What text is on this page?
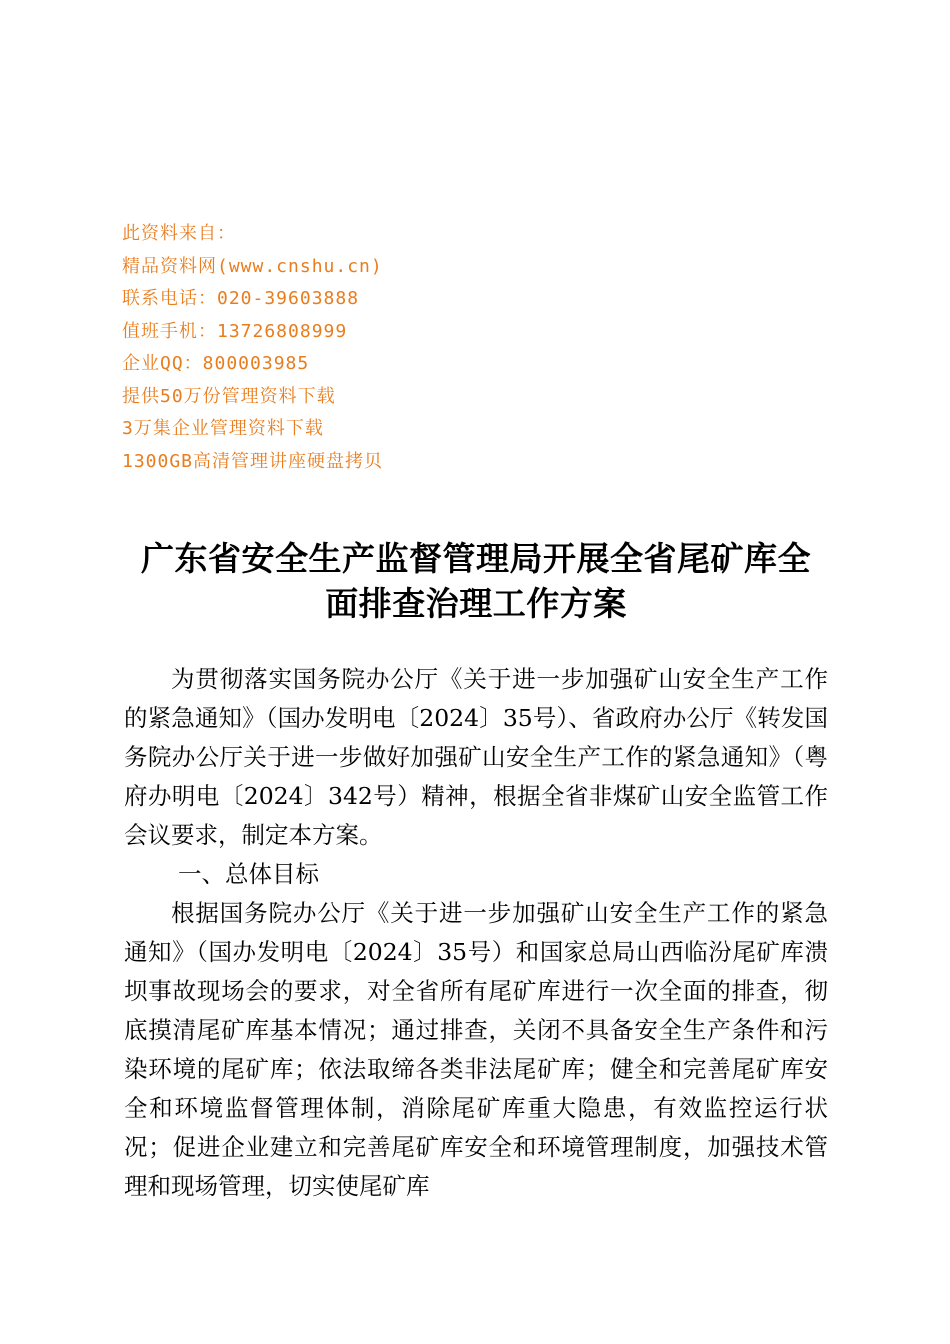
此资料来自：
精品资料网(www.cnshu.cn)
联系电话：020-39603888
值班手机：13726808999
企业QQ：800003985
提供50万份管理资料下载
3万集企业管理资料下载
1300GB高清管理讲座硬盘拷贝
广东省安全生产监督管理局开展全省尾矿库全
面排查治理工作方案

为贯彻落实国务院办公厅《关于进一步加强矿山安全生产工作的紧急通知》（国办发明电〔2024〕35号）、省政府办公厅《转发国务院办公厅关于进一步做好加强矿山安全生产工作的紧急通知》（粤府办明电〔2024〕342号）精神，根据全省非煤矿山安全监管工作会议要求，制定本方案。

一、总体目标

根据国务院办公厅《关于进一步加强矿山安全生产工作的紧急通知》（国办发明电〔2024〕35号）和国家总局山西临汾尾矿库溃坝事故现场会的要求，对全省所有尾矿库进行一次全面的排查，彻底摸清尾矿库基本情况；通过排查，关闭不具备安全生产条件和污染环境的尾矿库；依法取缔各类非法尾矿库；健全和完善尾矿库安全和环境监督管理体制，消除尾矿库重大隐患，有效监控运行状况；促进企业建立和完善尾矿库安全和环境管理制度，加强技术管理和现场管理，切实使尾矿库
